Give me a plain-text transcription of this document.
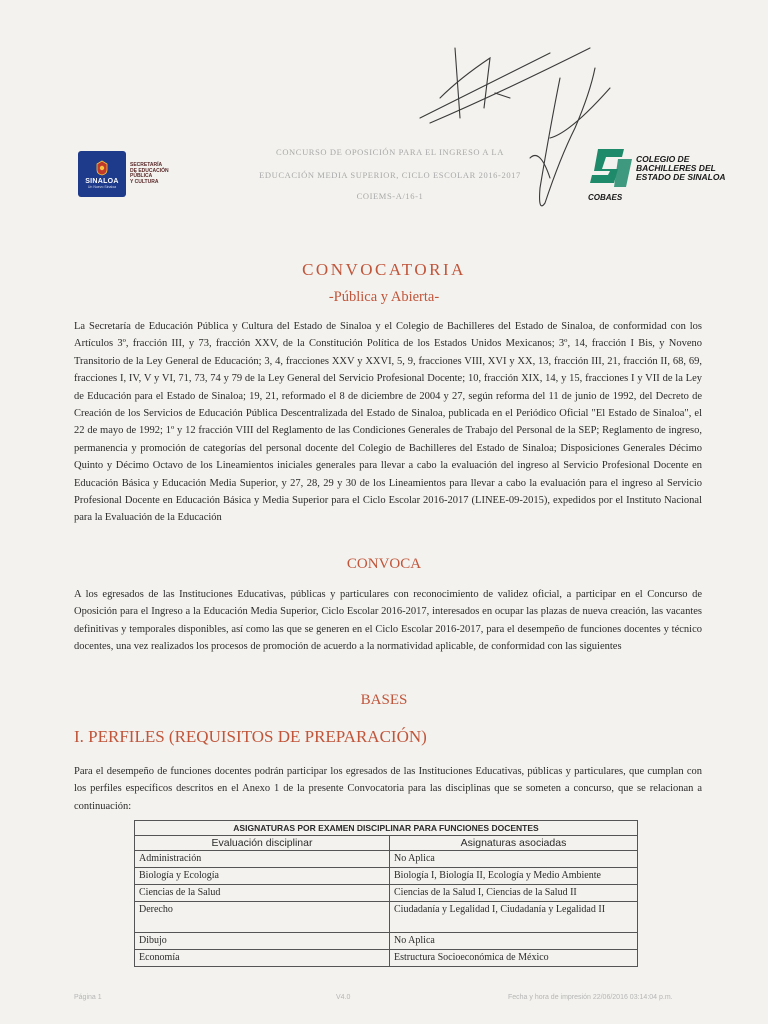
SINALOA
Un Nuevo Sinaloa
SECRETARÍA
DE EDUCACIÓN
PÚBLICA
Y CULTURA
CONCURSO DE OPOSICIÓN PARA EL INGRESO A LA
EDUCACIÓN MEDIA SUPERIOR, CICLO ESCOLAR 2016-2017
COIEMS-A/16-1
COLEGIO DE
BACHILLERES DEL
ESTADO DE SINALOA
COBAES
CONVOCATORIA
-Pública y Abierta-
La Secretaría de Educación Pública y Cultura del Estado de Sinaloa y el Colegio de Bachilleres del Estado de Sinaloa, de conformidad con los Artículos 3º, fracción III, y 73, fracción XXV, de la Constitución Política de los Estados Unidos Mexicanos; 3º, 14, fracción I Bis, y Noveno Transitorio de la Ley General de Educación; 3, 4, fracciones XXV y XXVI, 5, 9, fracciones VIII, XVI y XX, 13, fracción III, 21, fracción II, 68, 69, fracciones I, IV, V y VI, 71, 73, 74 y 79 de la Ley General del Servicio Profesional Docente; 10, fracción XIX, 14, y 15, fracciones I y VII de la Ley de Educación para el Estado de Sinaloa; 19, 21, reformado el 8 de diciembre de 2004 y 27, según reforma del 11 de junio de 1992, del Decreto de Creación de los Servicios de Educación Pública Descentralizada del Estado de Sinaloa, publicada en el Periódico Oficial "El Estado de Sinaloa", el 22 de mayo de 1992; 1º y 12 fracción VIII del Reglamento de las Condiciones Generales de Trabajo del Personal de la SEP; Reglamento de ingreso, permanencia y promoción de categorías del personal docente del Colegio de Bachilleres del Estado de Sinaloa; Disposiciones Generales Décimo Quinto y Décimo Octavo de los Lineamientos iniciales generales para llevar a cabo la evaluación del ingreso al Servicio Profesional Docente en Educación Básica y Educación Media Superior, y 27, 28, 29 y 30 de los Lineamientos para llevar a cabo la evaluación para el ingreso al Servicio Profesional Docente en Educación Básica y Media Superior para el Ciclo Escolar 2016-2017 (LINEE-09-2015), expedidos por el Instituto Nacional para la Evaluación de la Educación
CONVOCA
A los egresados de las Instituciones Educativas, públicas y particulares con reconocimiento de validez oficial, a participar en el Concurso de Oposición para el Ingreso a la Educación Media Superior, Ciclo Escolar 2016-2017, interesados en ocupar las plazas de nueva creación, las vacantes definitivas y temporales disponibles, así como las que se generen en el Ciclo Escolar 2016-2017, para el desempeño de funciones docentes y técnico docentes, una vez realizados los procesos de promoción de acuerdo a la normatividad aplicable, de conformidad con las siguientes
BASES
I. PERFILES (REQUISITOS DE PREPARACIÓN)
Para el desempeño de funciones docentes podrán participar los egresados de las Instituciones Educativas, públicas y particulares, que cumplan con los perfiles específicos descritos en el Anexo 1 de la presente Convocatoria para las disciplinas que se someten a concurso, que se relacionan a continuación:
ASIGNATURAS POR EXAMEN DISCIPLINAR PARA FUNCIONES DOCENTES	
Evaluación disciplinar	Asignaturas asociadas
Administración	No Aplica
Biología y Ecología	Biología I, Biología II, Ecología y Medio Ambiente
Ciencias de la Salud	Ciencias de la Salud I, Ciencias de la Salud II
Derecho	Ciudadanía y Legalidad I, Ciudadanía y Legalidad II
Dibujo	No Aplica
Economía	Estructura Socioeconómica de México
Página 1	V4.0	Fecha y hora de impresión 22/06/2016 03:14:04 p.m.
